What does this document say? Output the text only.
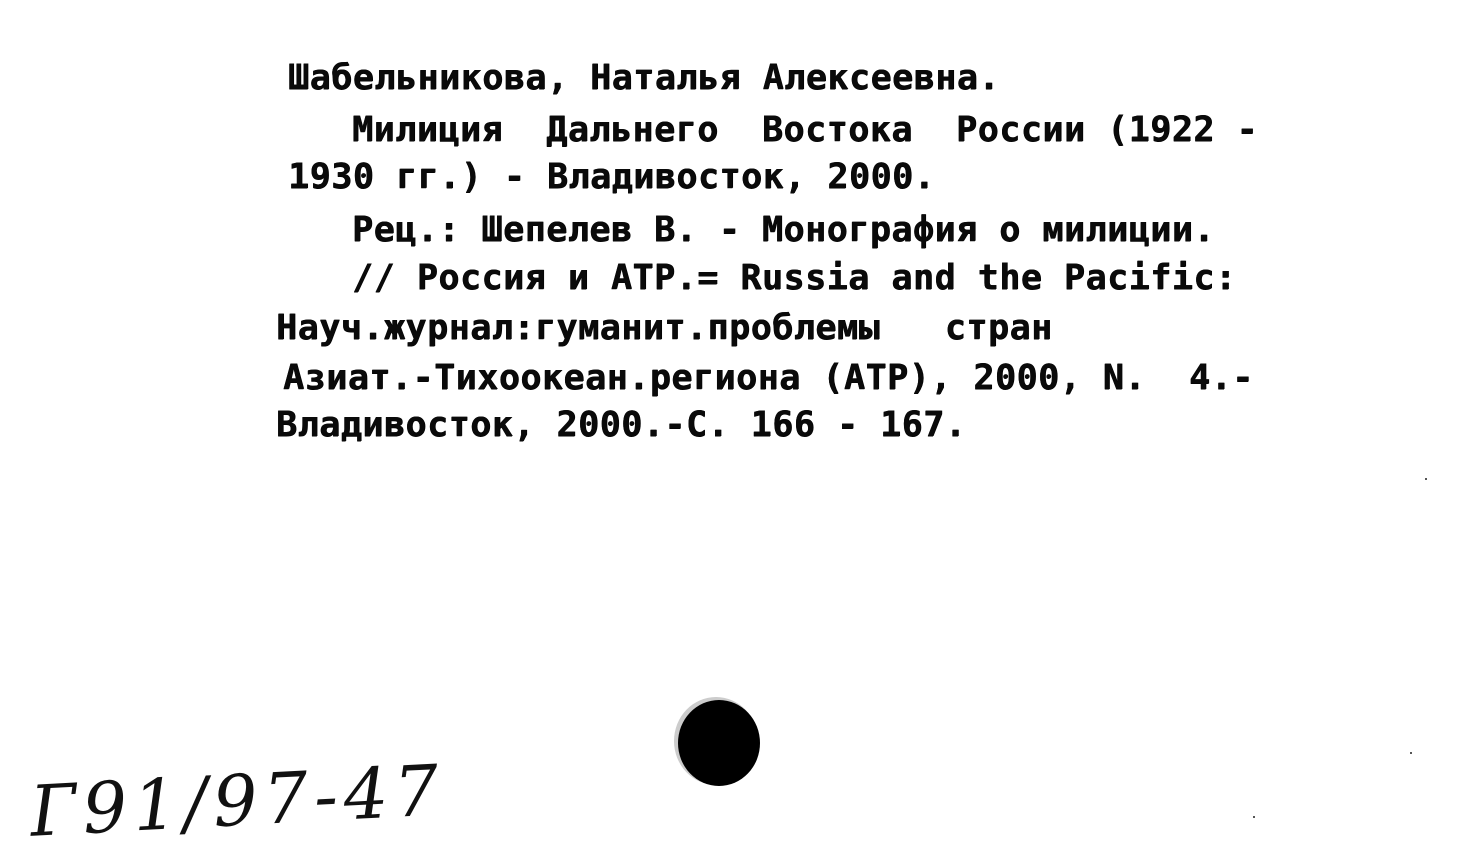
Шабельникова, Наталья Алексеевна.
Милиция  Дальнего  Востока  России (1922 -
1930 гг.) - Владивосток, 2000.
Рец.: Шепелев В. - Монография о милиции.
// Россия и АТР.= Russia and the Pacific:
Науч.журнал:гуманит.проблемы   стран
Азиат.-Тихоокеан.региона (АТР), 2000, N.  4.-
Владивосток, 2000.-С. 166 - 167.
Г91/97-47
